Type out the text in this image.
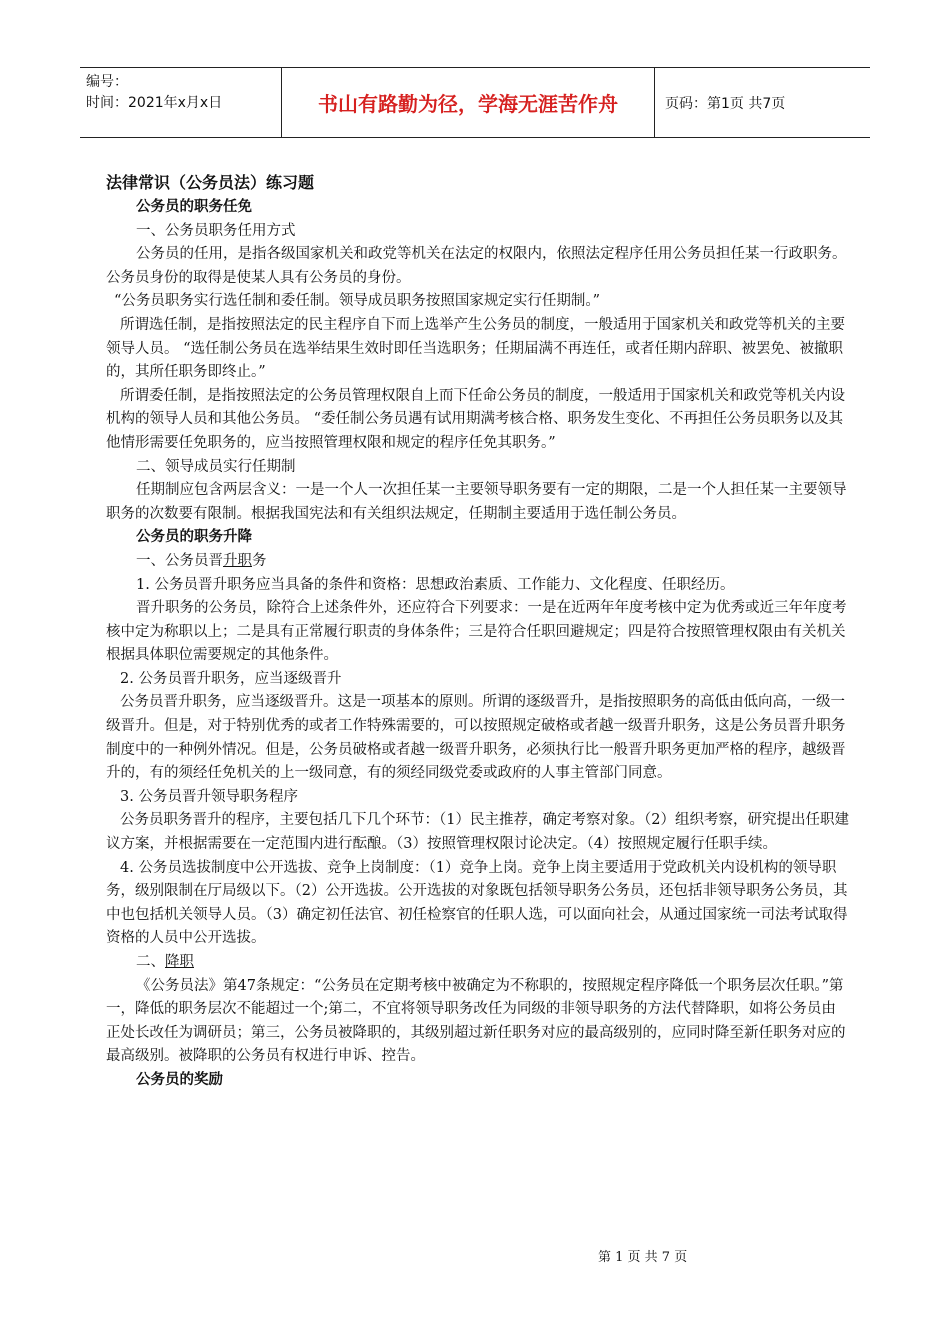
编号：
时间：2021年x月x日	书山有路勤为径，学海无涯苦作舟	页码：第1页 共7页

法律常识（公务员法）练习题

公务员的职务任免

一、公务员职务任用方式

公务员的任用，是指各级国家机关和政党等机关在法定的权限内，依照法定程序任用公务员担任某一行政职务。公务员身份的取得是使某人具有公务员的身份。

“公务员职务实行选任制和委任制。领导成员职务按照国家规定实行任期制。”

所谓选任制，是指按照法定的民主程序自下而上选举产生公务员的制度，一般适用于国家机关和政党等机关的主要领导人员。 “选任制公务员在选举结果生效时即任当选职务；任期届满不再连任，或者任期内辞职、被罢免、被撤职的，其所任职务即终止。”

所谓委任制，是指按照法定的公务员管理权限自上而下任命公务员的制度，一般适用于国家机关和政党等机关内设机构的领导人员和其他公务员。 “委任制公务员遇有试用期满考核合格、职务发生变化、不再担任公务员职务以及其他情形需要任免职务的，应当按照管理权限和规定的程序任免其职务。”

二、领导成员实行任期制

任期制应包含两层含义：一是一个人一次担任某一主要领导职务要有一定的期限，二是一个人担任某一主要领导职务的次数要有限制。根据我国宪法和有关组织法规定，任期制主要适用于选任制公务员。

公务员的职务升降

一、公务员晋升职务

1. 公务员晋升职务应当具备的条件和资格：思想政治素质、工作能力、文化程度、任职经历。

晋升职务的公务员，除符合上述条件外，还应符合下列要求：一是在近两年年度考核中定为优秀或近三年年度考核中定为称职以上；二是具有正常履行职责的身体条件；三是符合任职回避规定；四是符合按照管理权限由有关机关根据具体职位需要规定的其他条件。

2. 公务员晋升职务，应当逐级晋升

公务员晋升职务，应当逐级晋升。这是一项基本的原则。所谓的逐级晋升，是指按照职务的高低由低向高，一级一级晋升。但是，对于特别优秀的或者工作特殊需要的，可以按照规定破格或者越一级晋升职务，这是公务员晋升职务制度中的一种例外情况。但是，公务员破格或者越一级晋升职务，必须执行比一般晋升职务更加严格的程序，越级晋升的，有的须经任免机关的上一级同意，有的须经同级党委或政府的人事主管部门同意。

3. 公务员晋升领导职务程序

公务员职务晋升的程序，主要包括几下几个环节：（1）民主推荐，确定考察对象。（2）组织考察，研究提出任职建议方案，并根据需要在一定范围内进行酝酿。（3）按照管理权限讨论决定。（4）按照规定履行任职手续。

4. 公务员选拔制度中公开选拔、竞争上岗制度：（1）竞争上岗。竞争上岗主要适用于党政机关内设机构的领导职务，级别限制在厅局级以下。（2）公开选拔。公开选拔的对象既包括领导职务公务员，还包括非领导职务公务员，其中也包括机关领导人员。（3）确定初任法官、初任检察官的任职人选，可以面向社会，从通过国家统一司法考试取得资格的人员中公开选拔。

二、降职

《公务员法》第47条规定：“公务员在定期考核中被确定为不称职的，按照规定程序降低一个职务层次任职。”第一，降低的职务层次不能超过一个;第二，不宜将领导职务改任为同级的非领导职务的方法代替降职，如将公务员由正处长改任为调研员；第三，公务员被降职的，其级别超过新任职务对应的最高级别的，应同时降至新任职务对应的最高级别。被降职的公务员有权进行申诉、控告。

公务员的奖励

第 1 页 共 7 页
